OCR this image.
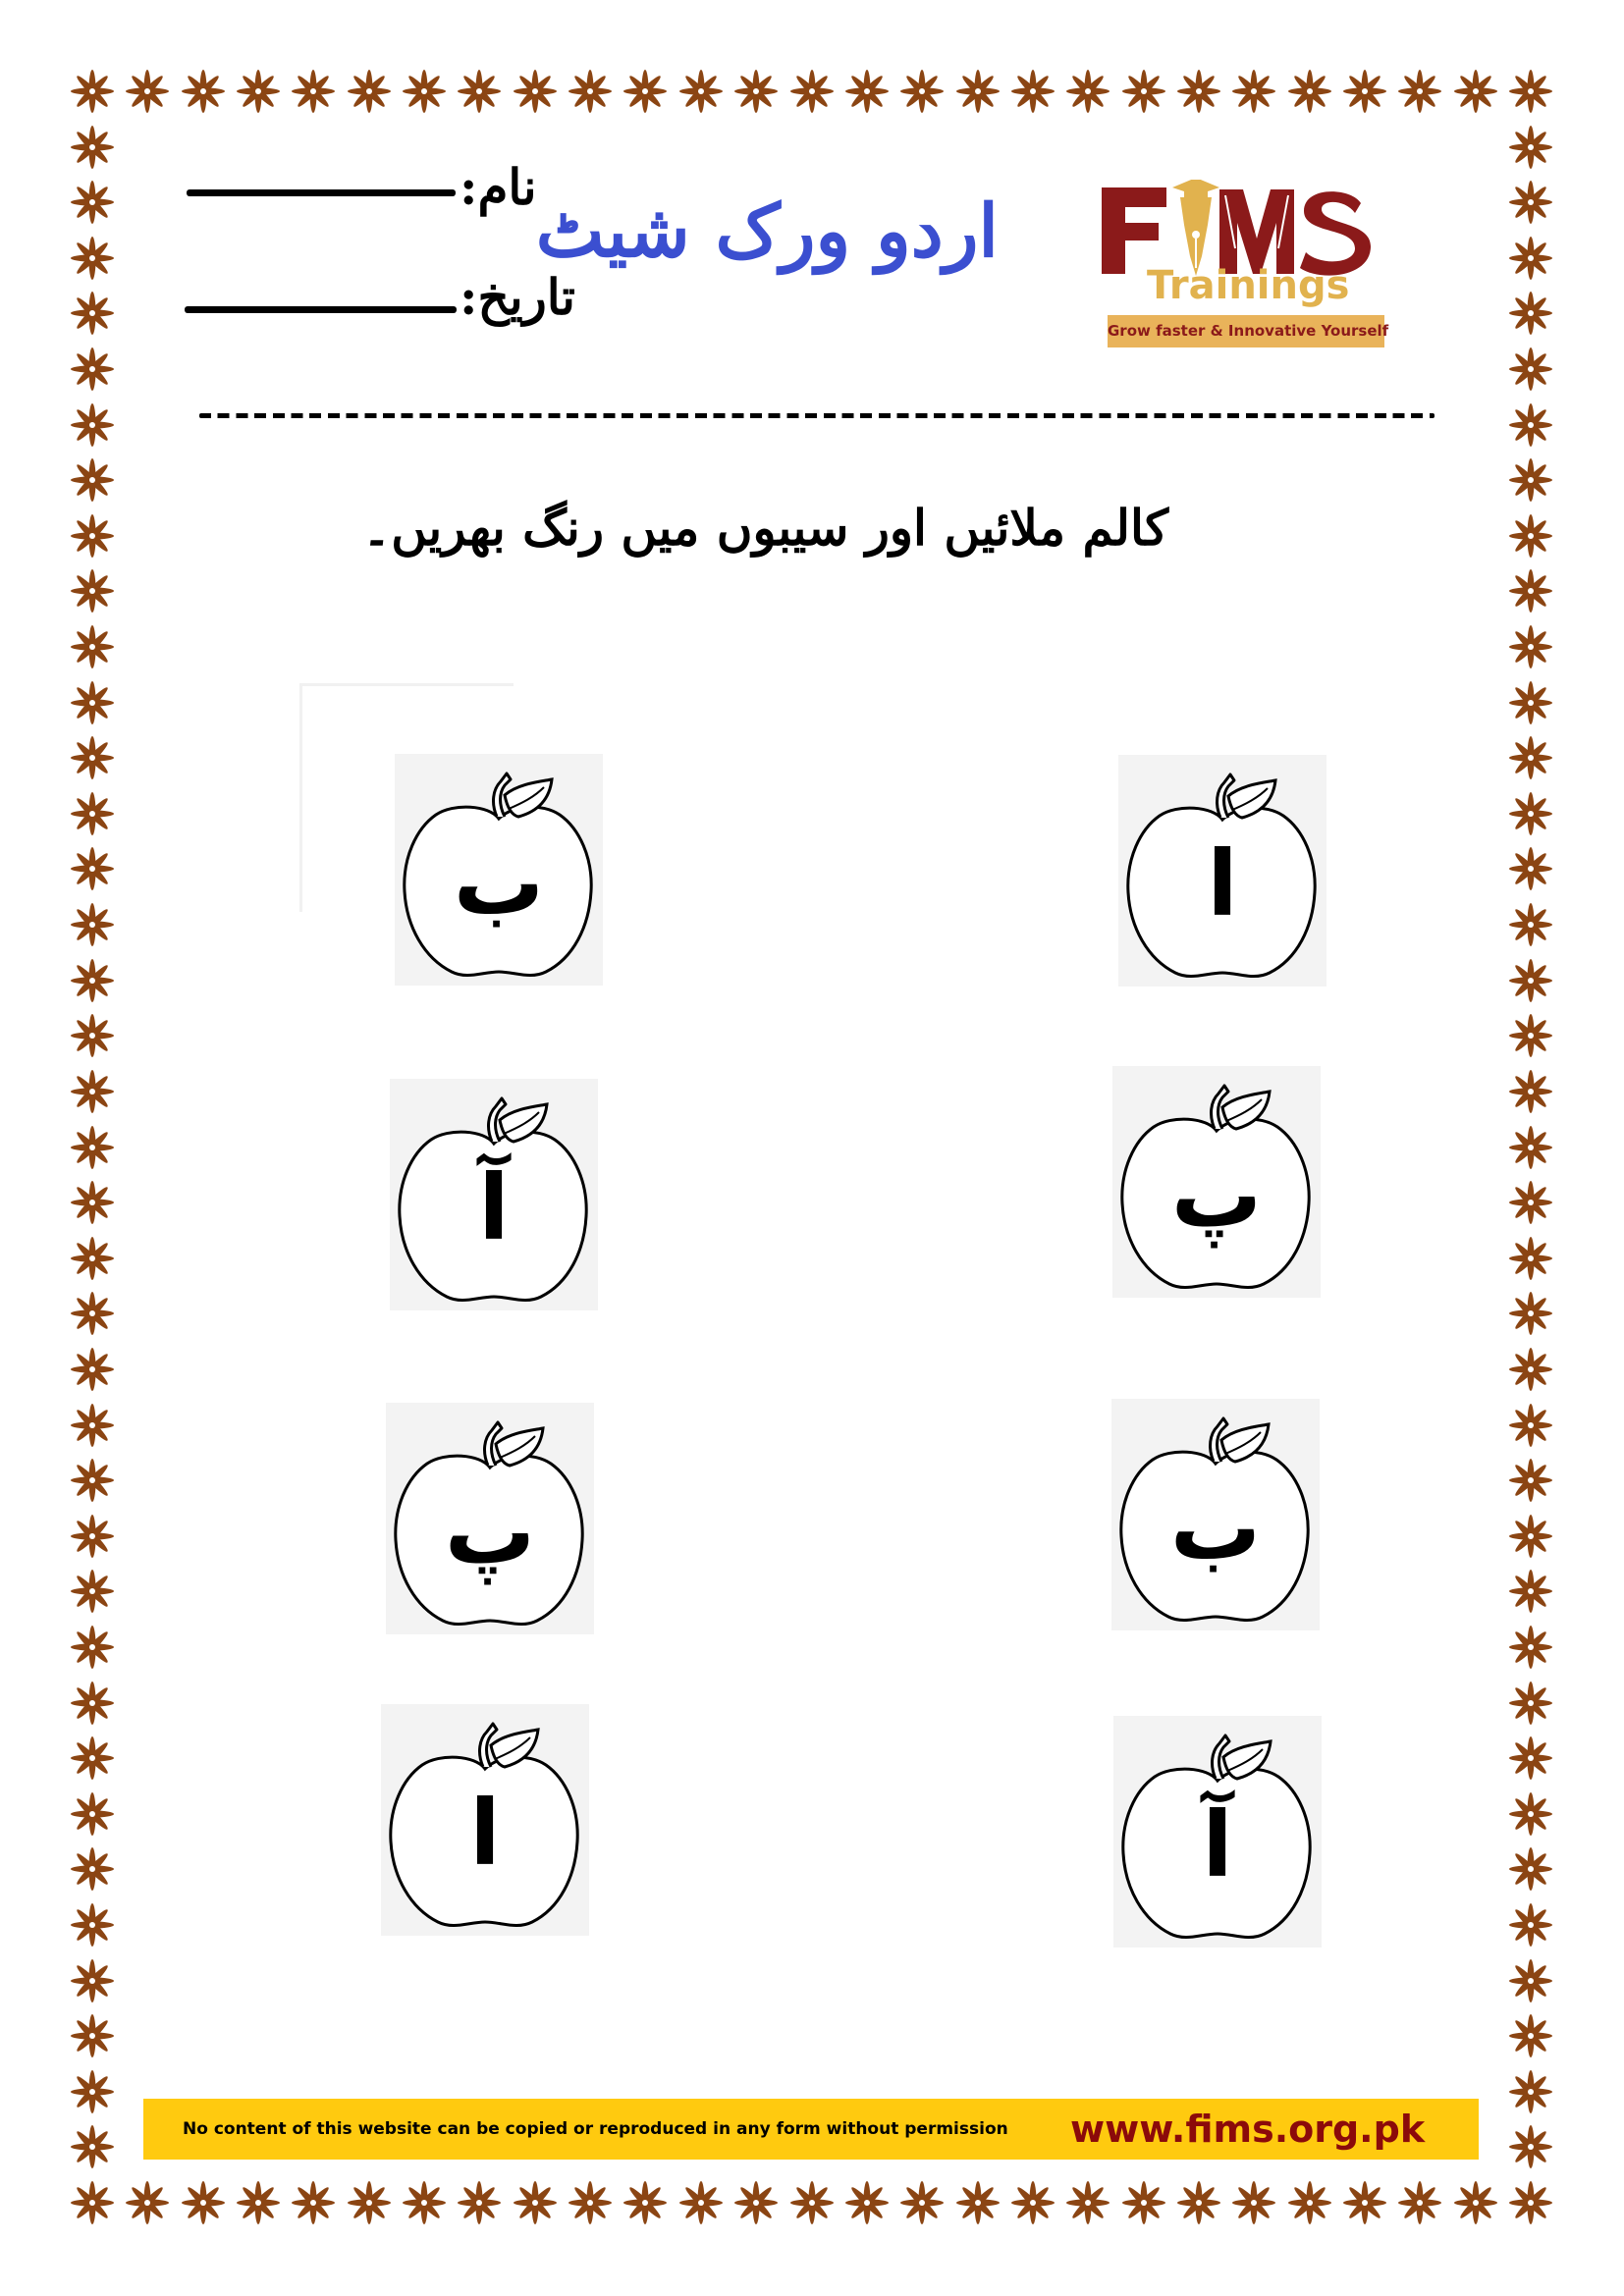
نام:
تاریخ:
اردو ورک شیٹ
Trainings
Grow faster & Innovative Yourself
کالم ملائیں اور سیبوں میں رنگ بھریں۔
ب
آ
پ
ا
ا
پ
ب
آ
No content of this website can be copied or reproduced in any form without permission www.fims.org.pk
